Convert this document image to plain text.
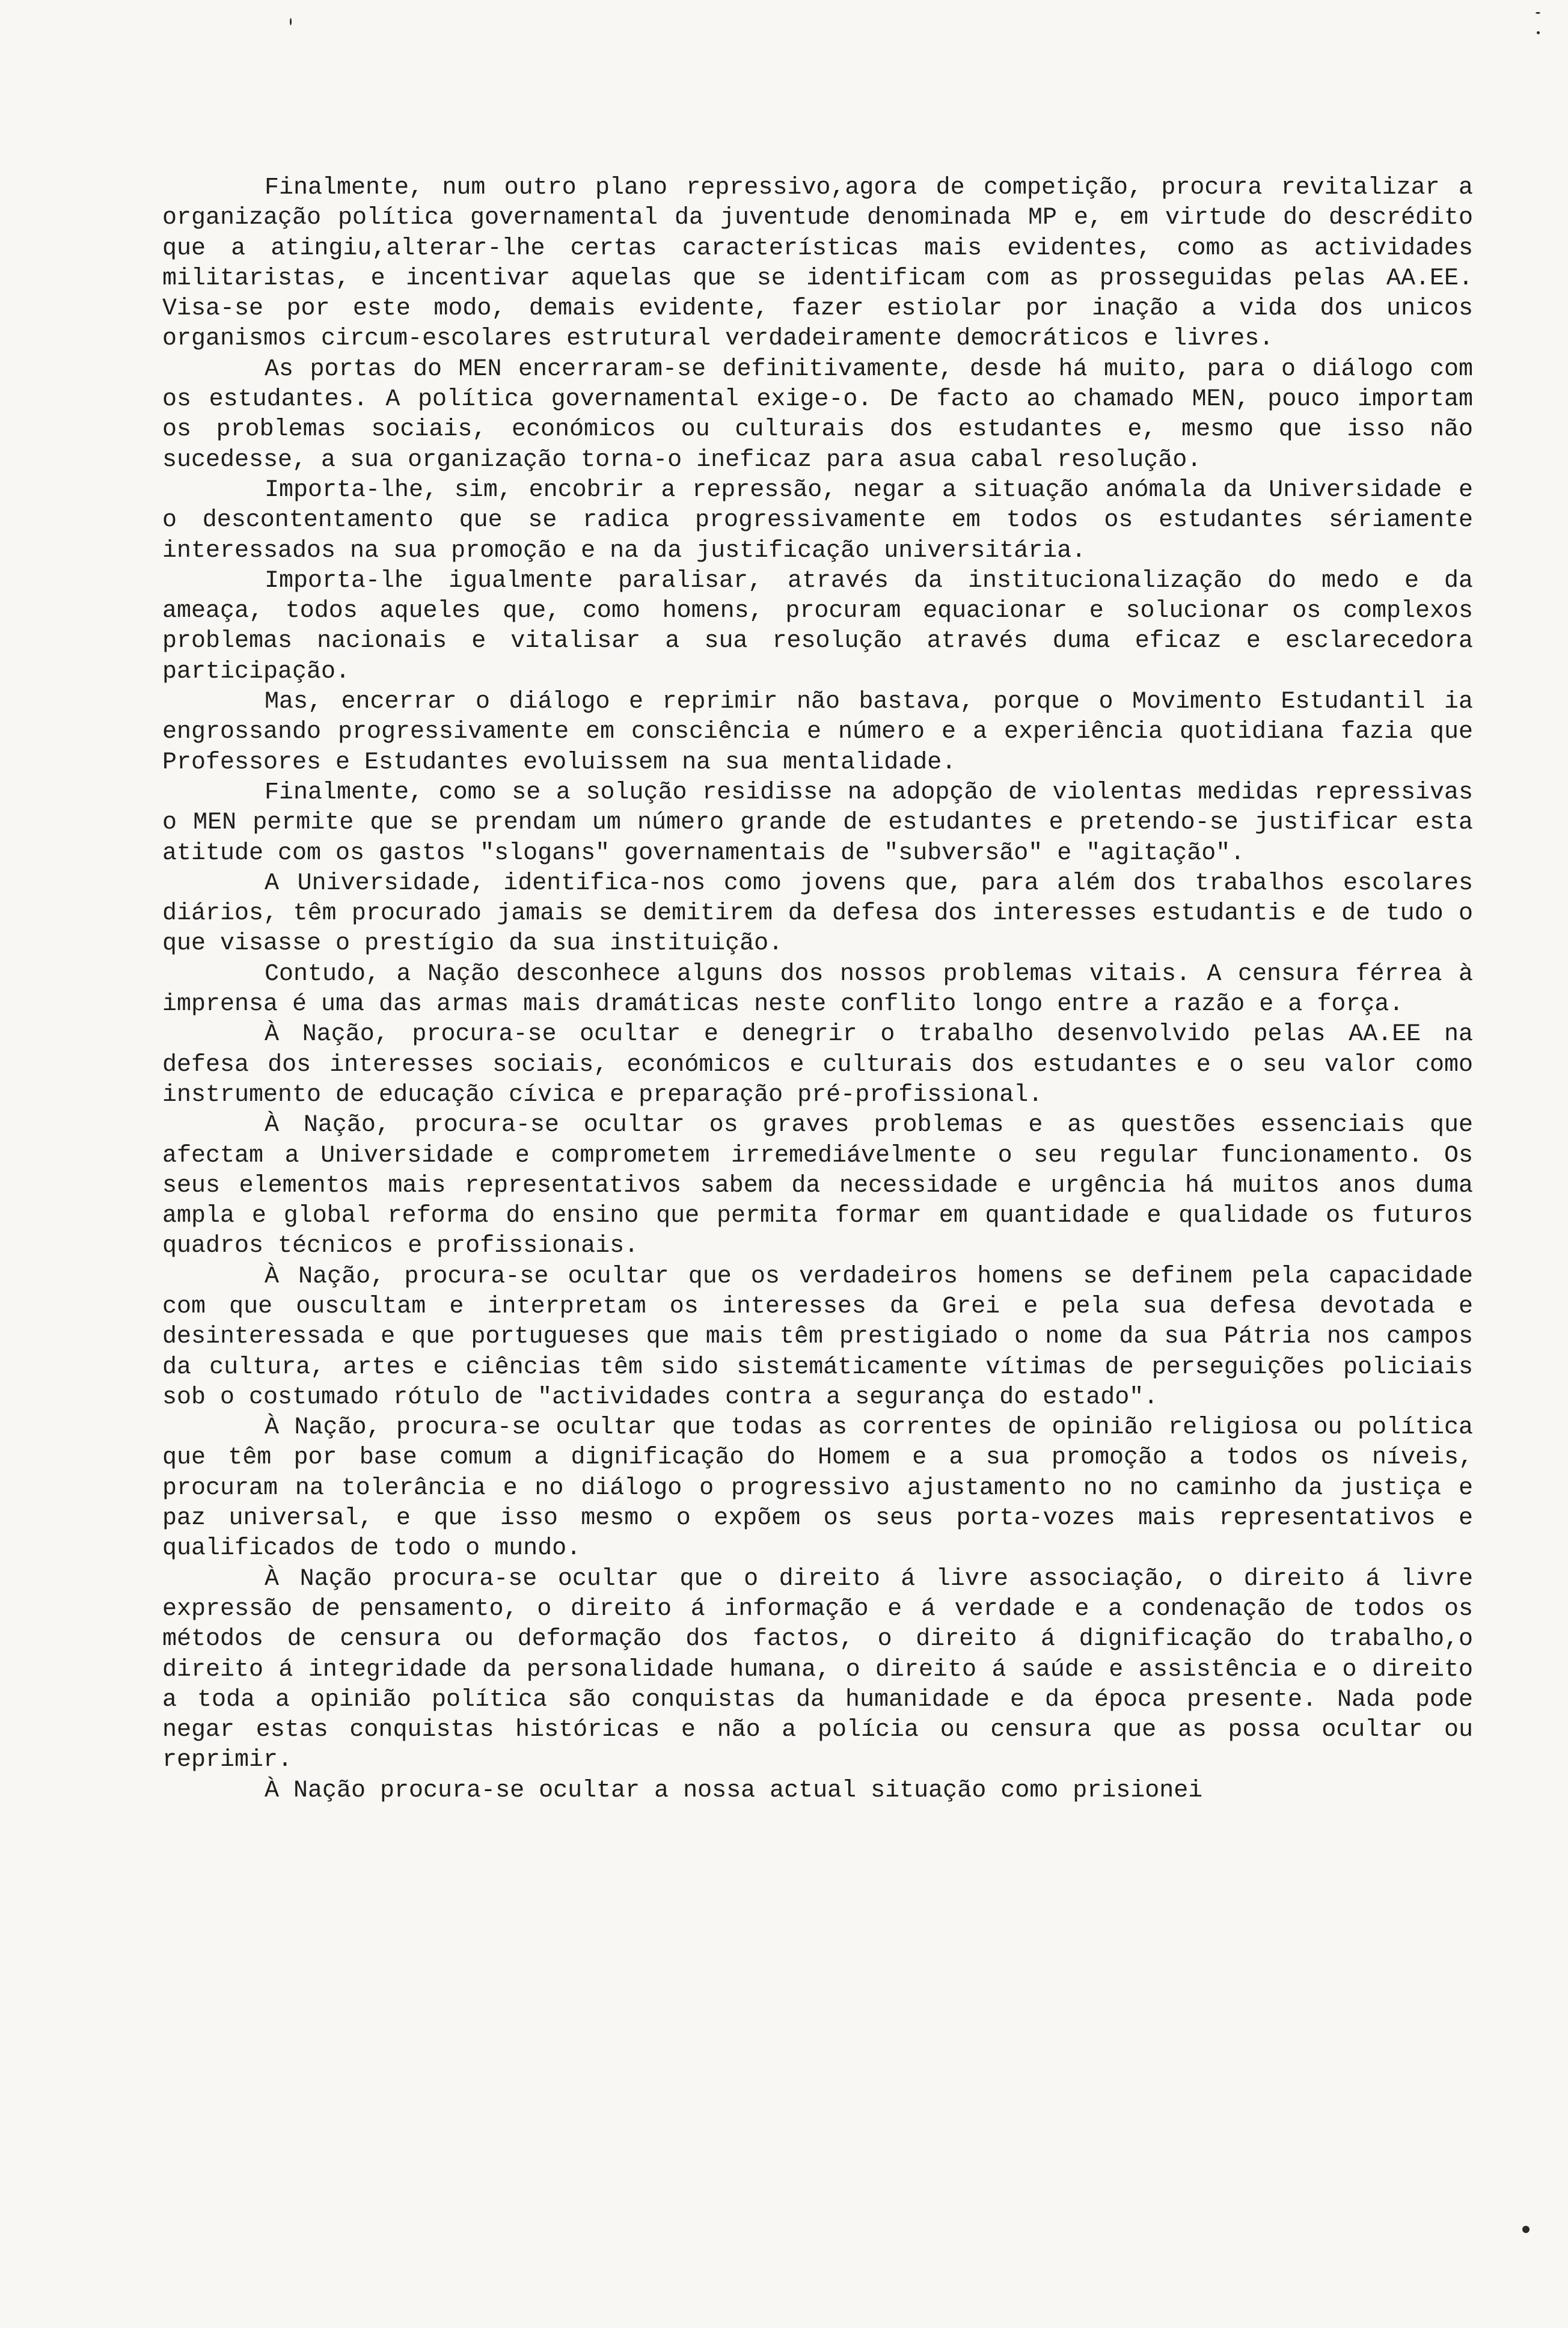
Finalmente, num outro plano repressivo,agora de competição, procura revitalizar a organização política governamental da juventude denominada MP e, em virtude do descrédito que a atingiu,alterar-lhe certas características mais evidentes, como as actividades militaristas, e incentivar aquelas que se identificam com as prosseguidas pelas AA.EE. Visa-se por este modo, demais evidente, fazer estiolar por inação a vida dos unicos organismos circum-escolares estrutural verdadeiramente democráticos e livres.

As portas do MEN encerraram-se definitivamente, desde há muito, para o diálogo com os estudantes. A política governamental exige-o. De facto ao chamado MEN, pouco importam os problemas sociais, económicos ou culturais dos estudantes e, mesmo que isso não sucedesse, a sua organização torna-o ineficaz para asua cabal resolução.

Importa-lhe, sim, encobrir a repressão, negar a situação anómala da Universidade e o descontentamento que se radica progressivamente em todos os estudantes sériamente interessados na sua promoção e na da justificação universitária.

Importa-lhe igualmente paralisar, através da institucionalização do medo e da ameaça, todos aqueles que, como homens, procuram equacionar e solucionar os complexos problemas nacionais e vitalisar a sua resolução através duma eficaz e esclarecedora participação.

Mas, encerrar o diálogo e reprimir não bastava, porque o Movimento Estudantil ia engrossando progressivamente em consciência e número e a experiência quotidiana fazia que Professores e Estudantes evoluissem na sua mentalidade.

Finalmente, como se a solução residisse na adopção de violentas medidas repressivas o MEN permite que se prendam um número grande de estudantes e pretendo-se justificar esta atitude com os gastos "slogans" governamentais de "subversão" e "agitação".

A Universidade, identifica-nos como jovens que, para além dos trabalhos escolares diários, têm procurado jamais se demitirem da defesa dos interesses estudantis e de tudo o que visasse o prestígio da sua instituição.

Contudo, a Nação desconhece alguns dos nossos problemas vitais. A censura férrea à imprensa é uma das armas mais dramáticas neste conflito longo entre a razão e a força.

À Nação, procura-se ocultar e denegrir o trabalho desenvolvido pelas AA.EE na defesa dos interesses sociais, económicos e culturais dos estudantes e o seu valor como instrumento de educação cívica e preparação pré-profissional.

À Nação, procura-se ocultar os graves problemas e as questões essenciais que afectam a Universidade e comprometem irremediávelmente o seu regular funcionamento. Os seus elementos mais representativos sabem da necessidade e urgência há muitos anos duma ampla e global reforma do ensino que permita formar em quantidade e qualidade os futuros quadros técnicos e profissionais.

À Nação, procura-se ocultar que os verdadeiros homens se definem pela capacidade com que ouscultam e interpretam os interesses da Grei e pela sua defesa devotada e desinteressada e que portugueses que mais têm prestigiado o nome da sua Pátria nos campos da cultura, artes e ciências têm sido sistemáticamente vítimas de perseguições policiais sob o costumado rótulo de "actividades contra a segurança do estado".

À Nação, procura-se ocultar que todas as correntes de opinião religiosa ou política que têm por base comum a dignificação do Homem e a sua promoção a todos os níveis, procuram na tolerância e no diálogo o progressivo ajustamento no no caminho da justiça e paz universal, e que isso mesmo o expõem os seus porta-vozes mais representativos e qualificados de todo o mundo.

À Nação procura-se ocultar que o direito á livre associação, o direito á livre expressão de pensamento, o direito á informação e á verdade e a condenação de todos os métodos de censura ou deformação dos factos, o direito á dignificação do trabalho,o direito á integridade da personalidade humana, o direito á saúde e assistência e o direito a toda a opinião política são conquistas da humanidade e da época presente. Nada pode negar estas conquistas históricas e não a polícia ou censura que as possa ocultar ou reprimir.

À Nação procura-se ocultar a nossa actual situação como prisionei
